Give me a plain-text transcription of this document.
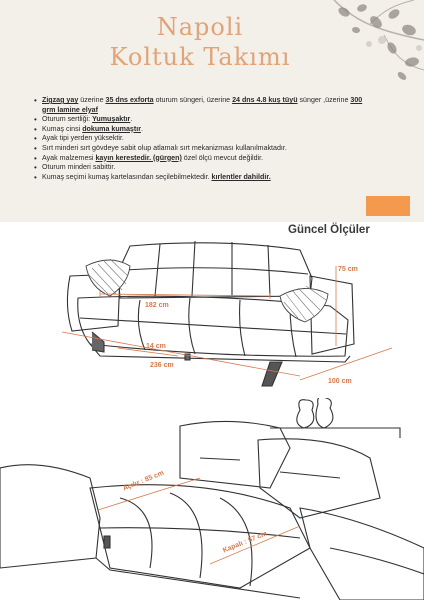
Napoli
Koltuk Takımı
• Zigzag yay üzerine 35 dns exforta oturum süngeri, üzerine 24 dns 4.8 kuş tüyü sünger ,üzerine 300 grm lamine elyaf
• Oturum sertliği: Yumuşaktır.
• Kumaş cinsi dokuma kumaştır.
• Ayak tipi yerden yüksektir.
• Sırt minderi sırt gövdeye sabit olup atlamalı sırt mekanizması kullanılmaktadır.
• Ayak malzemesi kayın kerestedir. (gürgen) özel ölçü mevcut değildir.
• Oturum minderi sabittir.
• Kumaş seçimi kumaş kartelasından seçilebilmektedir. kırlentler dahildir.
Güncel Ölçüler
182 cm
75 cm
14 cm
236 cm
100 cm
Açılır : 85 cm
Kapalı : 57 cm
